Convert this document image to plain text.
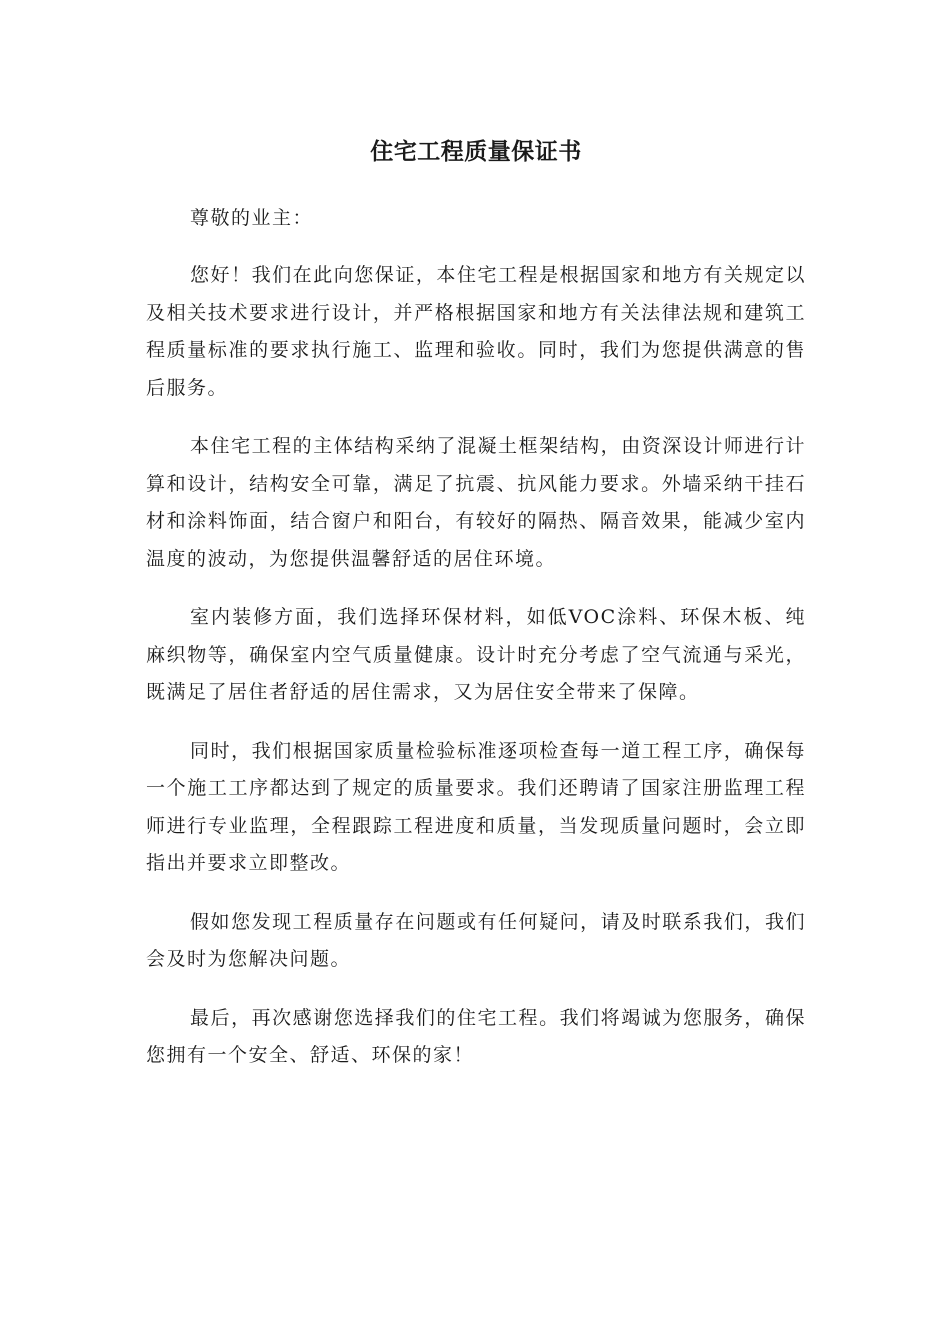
住宅工程质量保证书

尊敬的业主：

您好！我们在此向您保证，本住宅工程是根据国家和地方有关规定以及相关技术要求进行设计，并严格根据国家和地方有关法律法规和建筑工程质量标准的要求执行施工、监理和验收。同时，我们为您提供满意的售后服务。

本住宅工程的主体结构采纳了混凝土框架结构，由资深设计师进行计算和设计，结构安全可靠，满足了抗震、抗风能力要求。外墙采纳干挂石材和涂料饰面，结合窗户和阳台，有较好的隔热、隔音效果，能减少室内温度的波动，为您提供温馨舒适的居住环境。

室内装修方面，我们选择环保材料，如低VOC涂料、环保木板、纯麻织物等，确保室内空气质量健康。设计时充分考虑了空气流通与采光，既满足了居住者舒适的居住需求，又为居住安全带来了保障。

同时，我们根据国家质量检验标准逐项检查每一道工程工序，确保每一个施工工序都达到了规定的质量要求。我们还聘请了国家注册监理工程师进行专业监理，全程跟踪工程进度和质量，当发现质量问题时，会立即指出并要求立即整改。

假如您发现工程质量存在问题或有任何疑问，请及时联系我们，我们会及时为您解决问题。

最后，再次感谢您选择我们的住宅工程。我们将竭诚为您服务，确保您拥有一个安全、舒适、环保的家！
